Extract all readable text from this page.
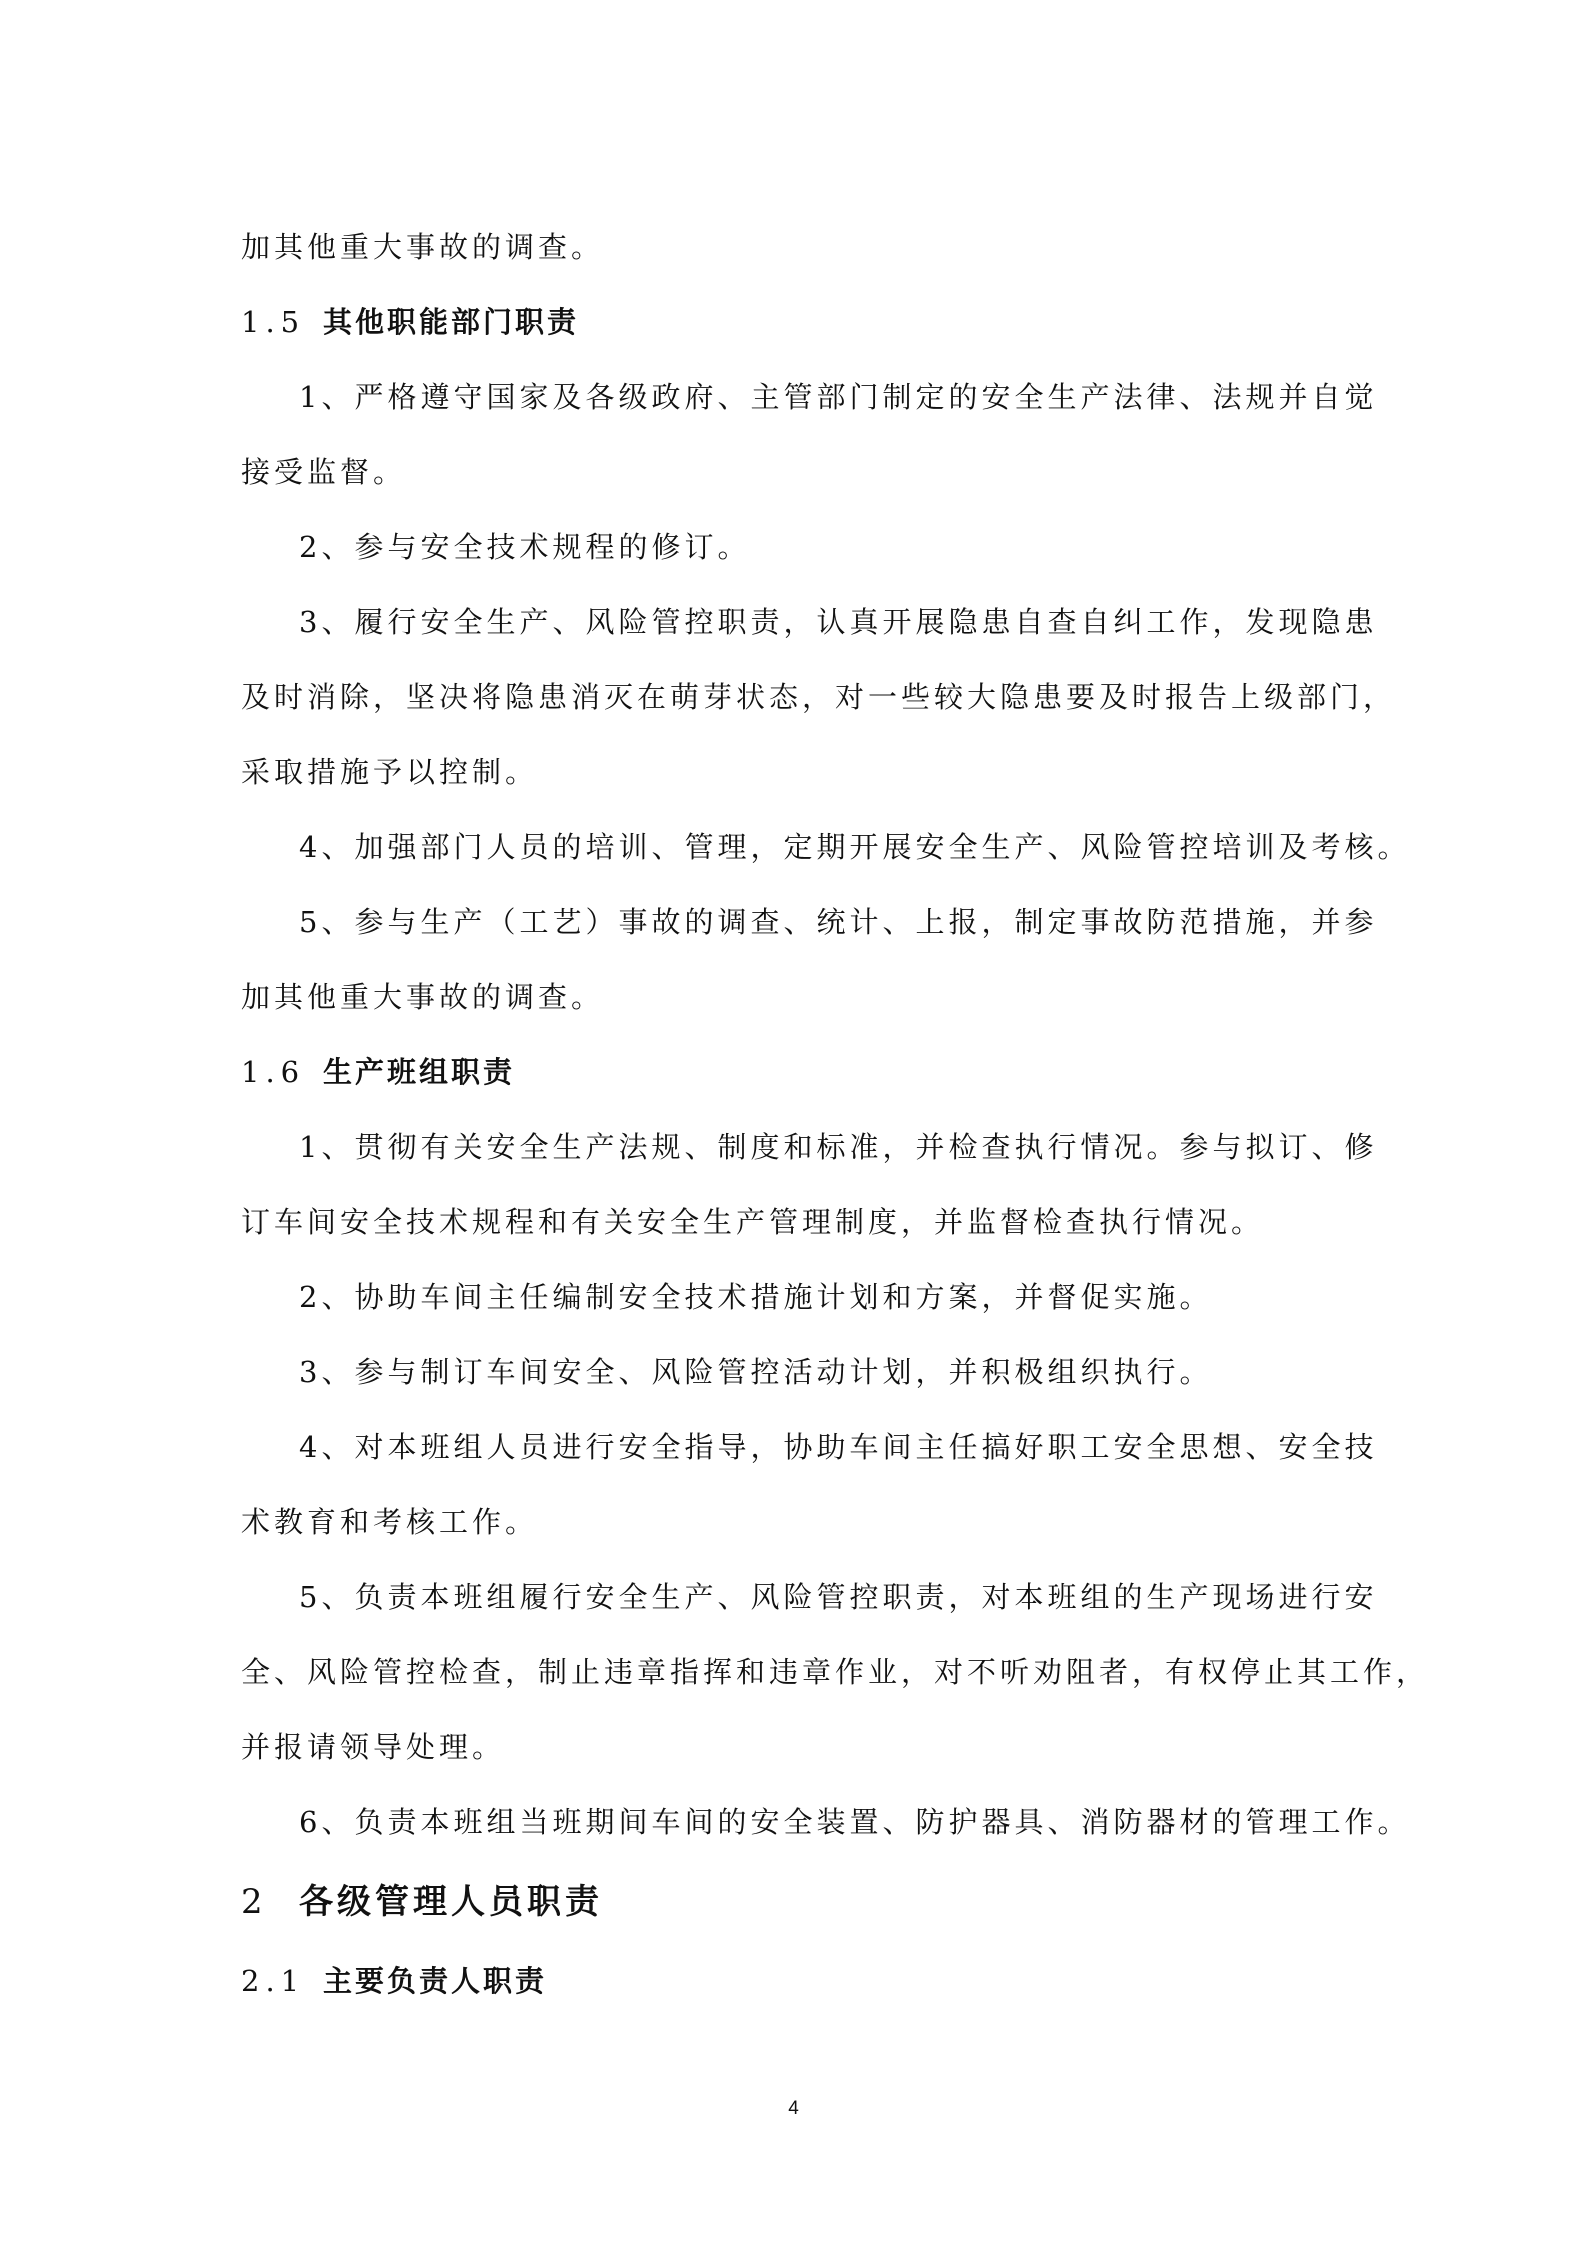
加其他重大事故的调查。
1.5 其他职能部门职责
1、严格遵守国家及各级政府、主管部门制定的安全生产法律、法规并自觉
接受监督。
2、参与安全技术规程的修订。
3、履行安全生产、风险管控职责，认真开展隐患自查自纠工作，发现隐患
及时消除，坚决将隐患消灭在萌芽状态，对一些较大隐患要及时报告上级部门，
采取措施予以控制。
4、加强部门人员的培训、管理，定期开展安全生产、风险管控培训及考核。
5、参与生产（工艺）事故的调查、统计、上报，制定事故防范措施，并参
加其他重大事故的调查。
1.6 生产班组职责
1、贯彻有关安全生产法规、制度和标准，并检查执行情况。参与拟订、修
订车间安全技术规程和有关安全生产管理制度，并监督检查执行情况。
2、协助车间主任编制安全技术措施计划和方案，并督促实施。
3、参与制订车间安全、风险管控活动计划，并积极组织执行。
4、对本班组人员进行安全指导，协助车间主任搞好职工安全思想、安全技
术教育和考核工作。
5、负责本班组履行安全生产、风险管控职责，对本班组的生产现场进行安
全、风险管控检查，制止违章指挥和违章作业，对不听劝阻者，有权停止其工作，
并报请领导处理。
6、负责本班组当班期间车间的安全装置、防护器具、消防器材的管理工作。
2 各级管理人员职责
2.1 主要负责人职责
4
